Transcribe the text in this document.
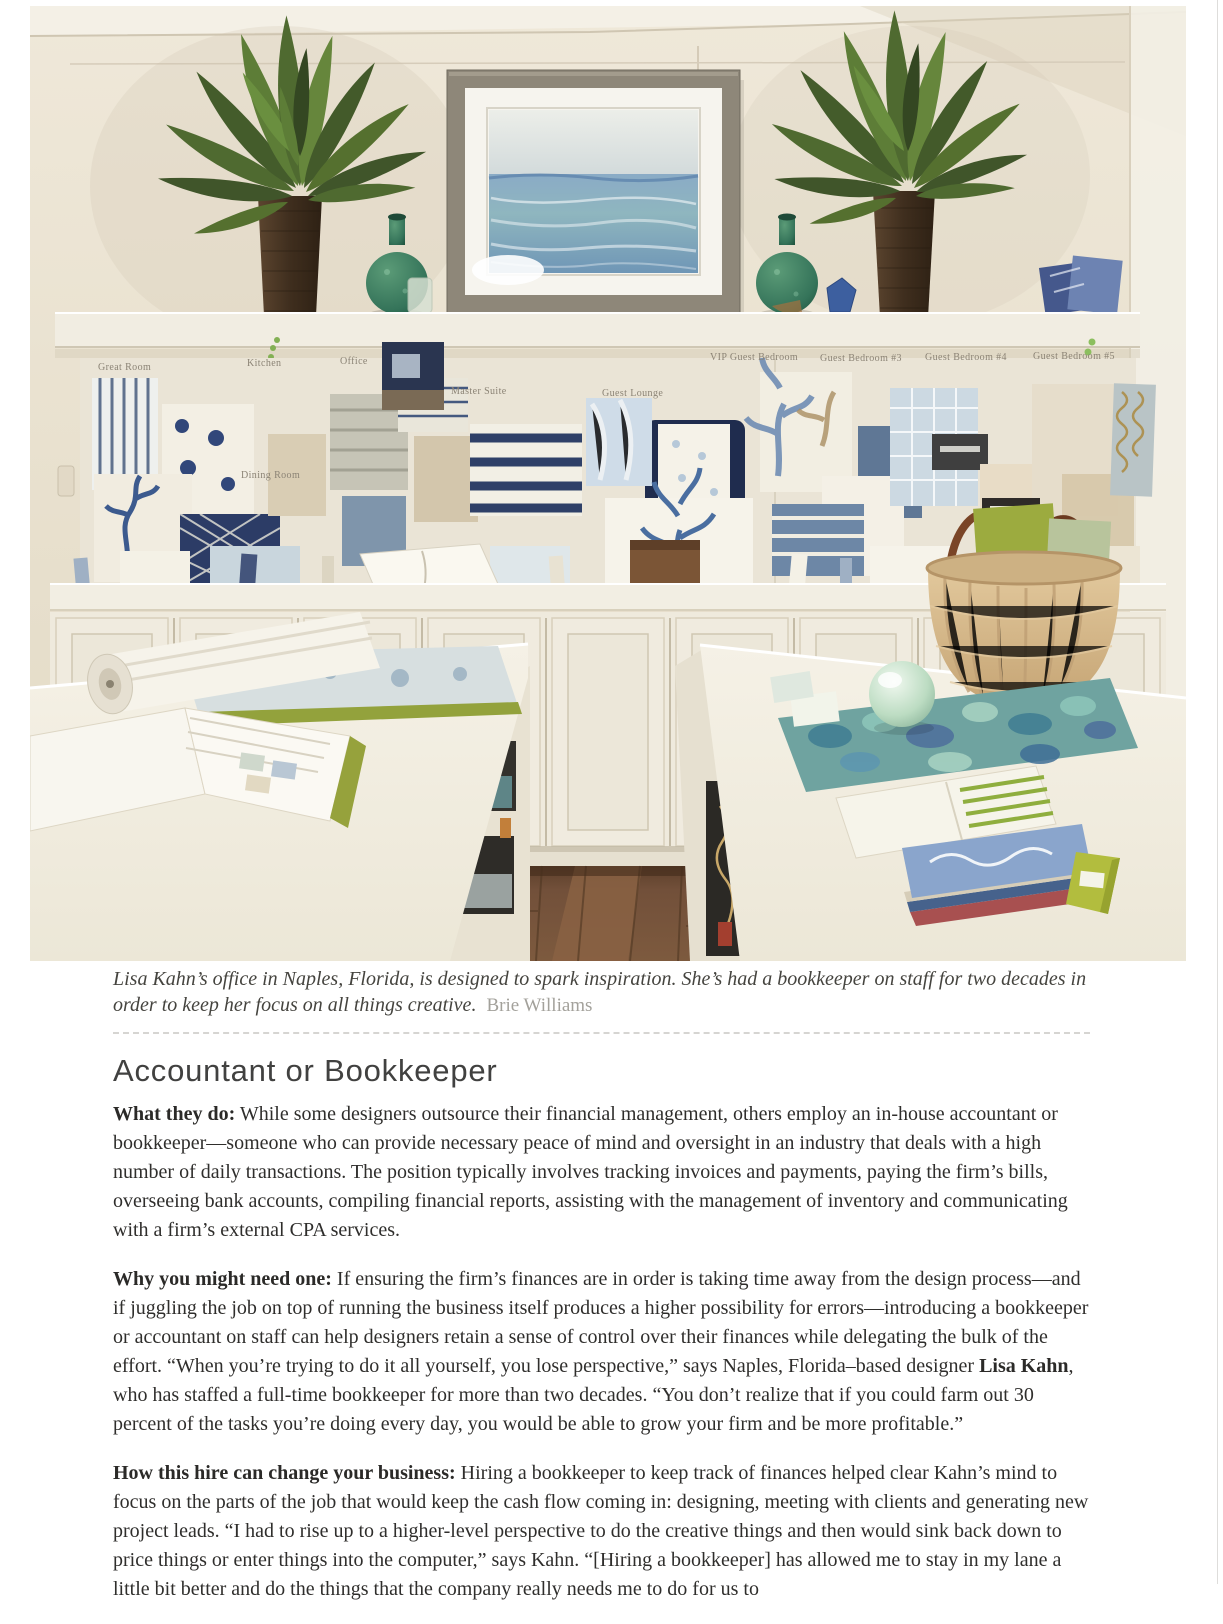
Great Room	Kitchen	Office
Master Suite
Dining Room
Guest Lounge
VIP Guest Bedroom Guest Bedroom #3 Guest Bedroom #4	Guest Bedroom #5

Lisa Kahn’s office in Naples, Florida, is designed to spark inspiration. She’s had a bookkeeper on staff for two decades in order to keep her focus on all things creative. Brie Williams

Accountant or Bookkeeper

What they do: While some designers outsource their financial management, others employ an in-house accountant or bookkeeper—someone who can provide necessary peace of mind and oversight in an industry that deals with a high number of daily transactions. The position typically involves tracking invoices and payments, paying the firm’s bills, overseeing bank accounts, compiling financial reports, assisting with the management of inventory and communicating with a firm’s external CPA services.

Why you might need one: If ensuring the firm’s finances are in order is taking time away from the design process—and if juggling the job on top of running the business itself produces a higher possibility for errors—introducing a bookkeeper or accountant on staff can help designers retain a sense of control over their finances while delegating the bulk of the effort. “When you’re trying to do it all yourself, you lose perspective,” says Naples, Florida–based designer Lisa Kahn, who has staffed a full-time bookkeeper for more than two decades. “You don’t realize that if you could farm out 30 percent of the tasks you’re doing every day, you would be able to grow your firm and be more profitable.”

How this hire can change your business: Hiring a bookkeeper to keep track of finances helped clear Kahn’s mind to focus on the parts of the job that would keep the cash flow coming in: designing, meeting with clients and generating new project leads. “I had to rise up to a higher-level perspective to do the creative things and then would sink back down to price things or enter things into the computer,” says Kahn. “[Hiring a bookkeeper] has allowed me to stay in my lane a little bit better and do the things that the company really needs me to do for us to
